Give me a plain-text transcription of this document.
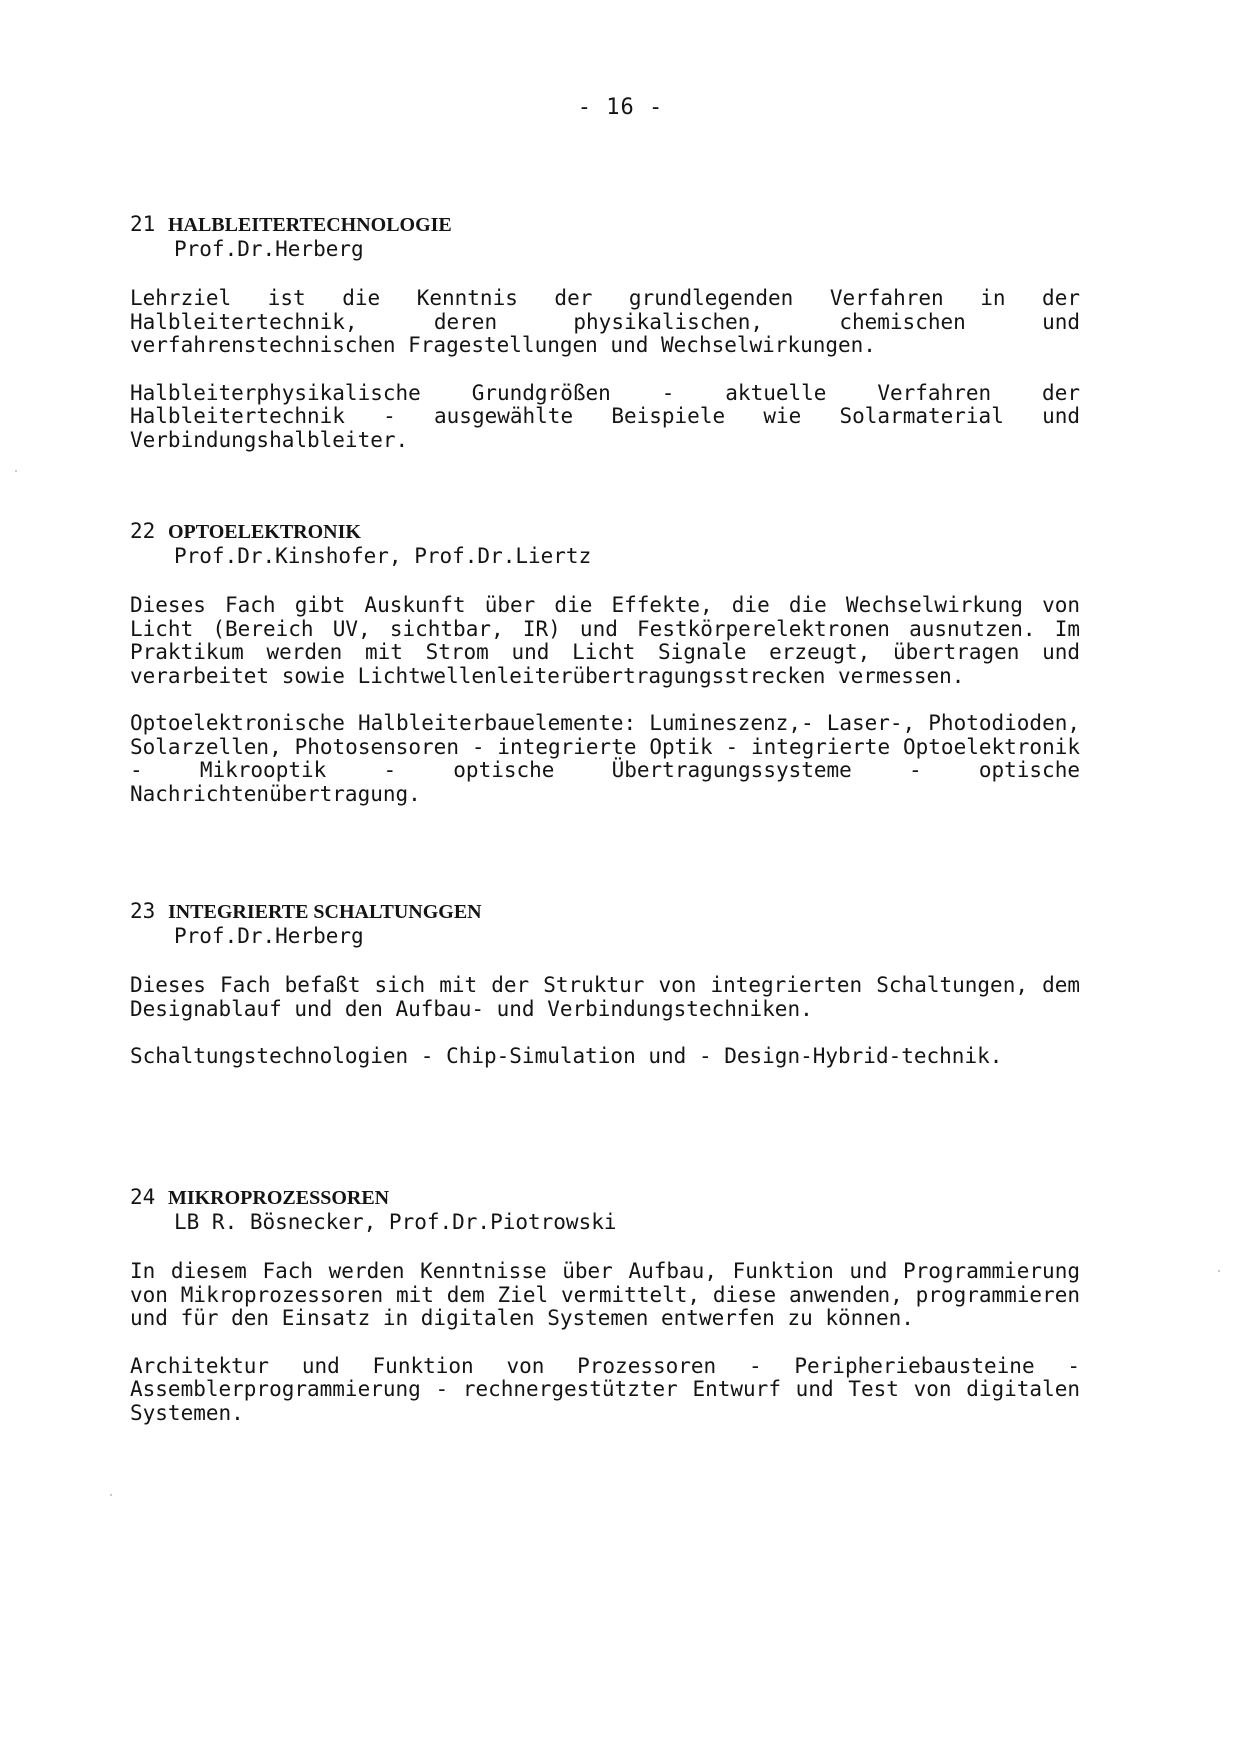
- 16 -
21 HALBLEITERTECHNOLOGIE
Prof.Dr.Herberg
Lehrziel ist die Kenntnis der grundlegenden Verfahren in der Halbleitertechnik, deren physikalischen, chemischen und verfahrenstechnischen Fragestellungen und Wechselwirkungen.
Halbleiterphysikalische Grundgrößen - aktuelle Verfahren der Halbleitertechnik - ausgewählte Beispiele wie Solarmaterial und Verbindungshalbleiter.
22 OPTOELEKTRONIK
Prof.Dr.Kinshofer, Prof.Dr.Liertz
Dieses Fach gibt Auskunft über die Effekte, die die Wechselwirkung von Licht (Bereich UV, sichtbar, IR) und Festkörperelektronen ausnutzen. Im Praktikum werden mit Strom und Licht Signale erzeugt, übertragen und verarbeitet sowie Lichtwellenleiterübertragungsstrecken vermessen.
Optoelektronische Halbleiterbauelemente: Lumineszenz,- Laser-, Photodioden, Solarzellen, Photosensoren - integrierte Optik - integrierte Optoelektronik - Mikrooptik - optische Übertragungssysteme - optische Nachrichtenübertragung.
23 INTEGRIERTE SCHALTUNGGEN
Prof.Dr.Herberg
Dieses Fach befaßt sich mit der Struktur von integrierten Schaltungen, dem Designablauf und den Aufbau- und Verbindungstechniken.
Schaltungstechnologien - Chip-Simulation und - Design-Hybrid-technik.
24 MIKROPROZESSOREN
LB R. Bösnecker, Prof.Dr.Piotrowski
In diesem Fach werden Kenntnisse über Aufbau, Funktion und Programmierung von Mikroprozessoren mit dem Ziel vermittelt, diese anwenden, programmieren und für den Einsatz in digitalen Systemen entwerfen zu können.
Architektur und Funktion von Prozessoren - Peripheriebausteine - Assemblerprogrammierung - rechnergestützter Entwurf und Test von digitalen Systemen.
